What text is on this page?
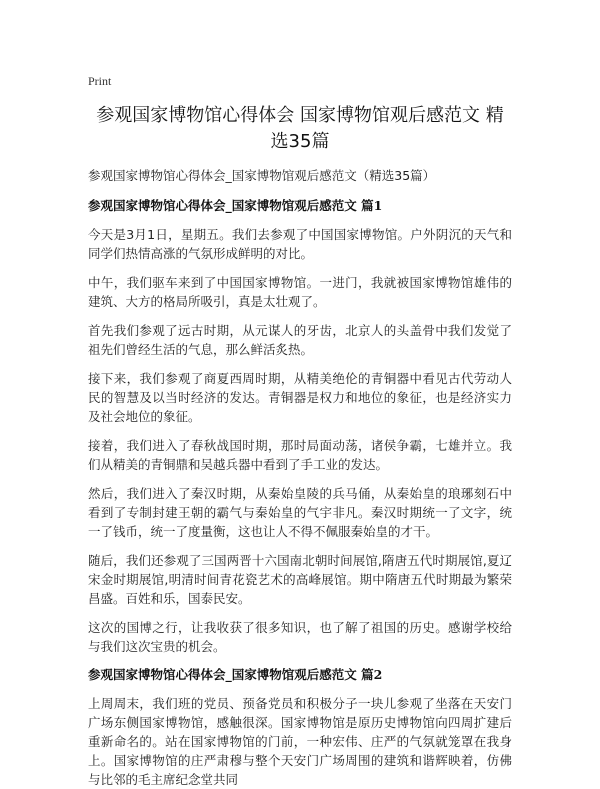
Print
参观国家博物馆心得体会 国家博物馆观后感范文 精选35篇

参观国家博物馆心得体会_国家博物馆观后感范文（精选35篇）

参观国家博物馆心得体会_国家博物馆观后感范文 篇1

今天是3月1日，星期五。我们去参观了中国国家博物馆。户外阴沉的天气和同学们热情高涨的气氛形成鲜明的对比。

中午，我们驱车来到了中国国家博物馆。一进门，我就被国家博物馆雄伟的建筑、大方的格局所吸引，真是太壮观了。

首先我们参观了远古时期，从元谋人的牙齿，北京人的头盖骨中我们发觉了祖先们曾经生活的气息，那么鲜活炙热。

接下来，我们参观了商夏西周时期，从精美绝伦的青铜器中看见古代劳动人民的智慧及以当时经济的发达。青铜器是权力和地位的象征，也是经济实力及社会地位的象征。

接着，我们进入了春秋战国时期，那时局面动荡，诸侯争霸，七雄并立。我们从精美的青铜鼎和吴越兵器中看到了手工业的发达。

然后，我们进入了秦汉时期，从秦始皇陵的兵马俑，从秦始皇的琅琊刻石中看到了专制封建王朝的霸气与秦始皇的气宇非凡。秦汉时期统一了文字，统一了钱币，统一了度量衡，这也让人不得不佩服秦始皇的才干。

随后，我们还参观了三国两晋十六国南北朝时间展馆,隋唐五代时期展馆,夏辽宋金时期展馆,明清时间青花瓷艺术的高峰展馆。期中隋唐五代时期最为繁荣昌盛。百姓和乐，国泰民安。

这次的国博之行，让我收获了很多知识，也了解了祖国的历史。感谢学校给与我们这次宝贵的机会。

参观国家博物馆心得体会_国家博物馆观后感范文 篇2

上周周末，我们班的党员、预备党员和积极分子一块儿参观了坐落在天安门广场东侧国家博物馆，感触很深。国家博物馆是原历史博物馆向四周扩建后重新命名的。站在国家博物馆的门前，一种宏伟、庄严的气氛就笼罩在我身上。国家博物馆的庄严肃穆与整个天安门广场周围的建筑和谐辉映着，仿佛与比邻的毛主席纪念堂共同
